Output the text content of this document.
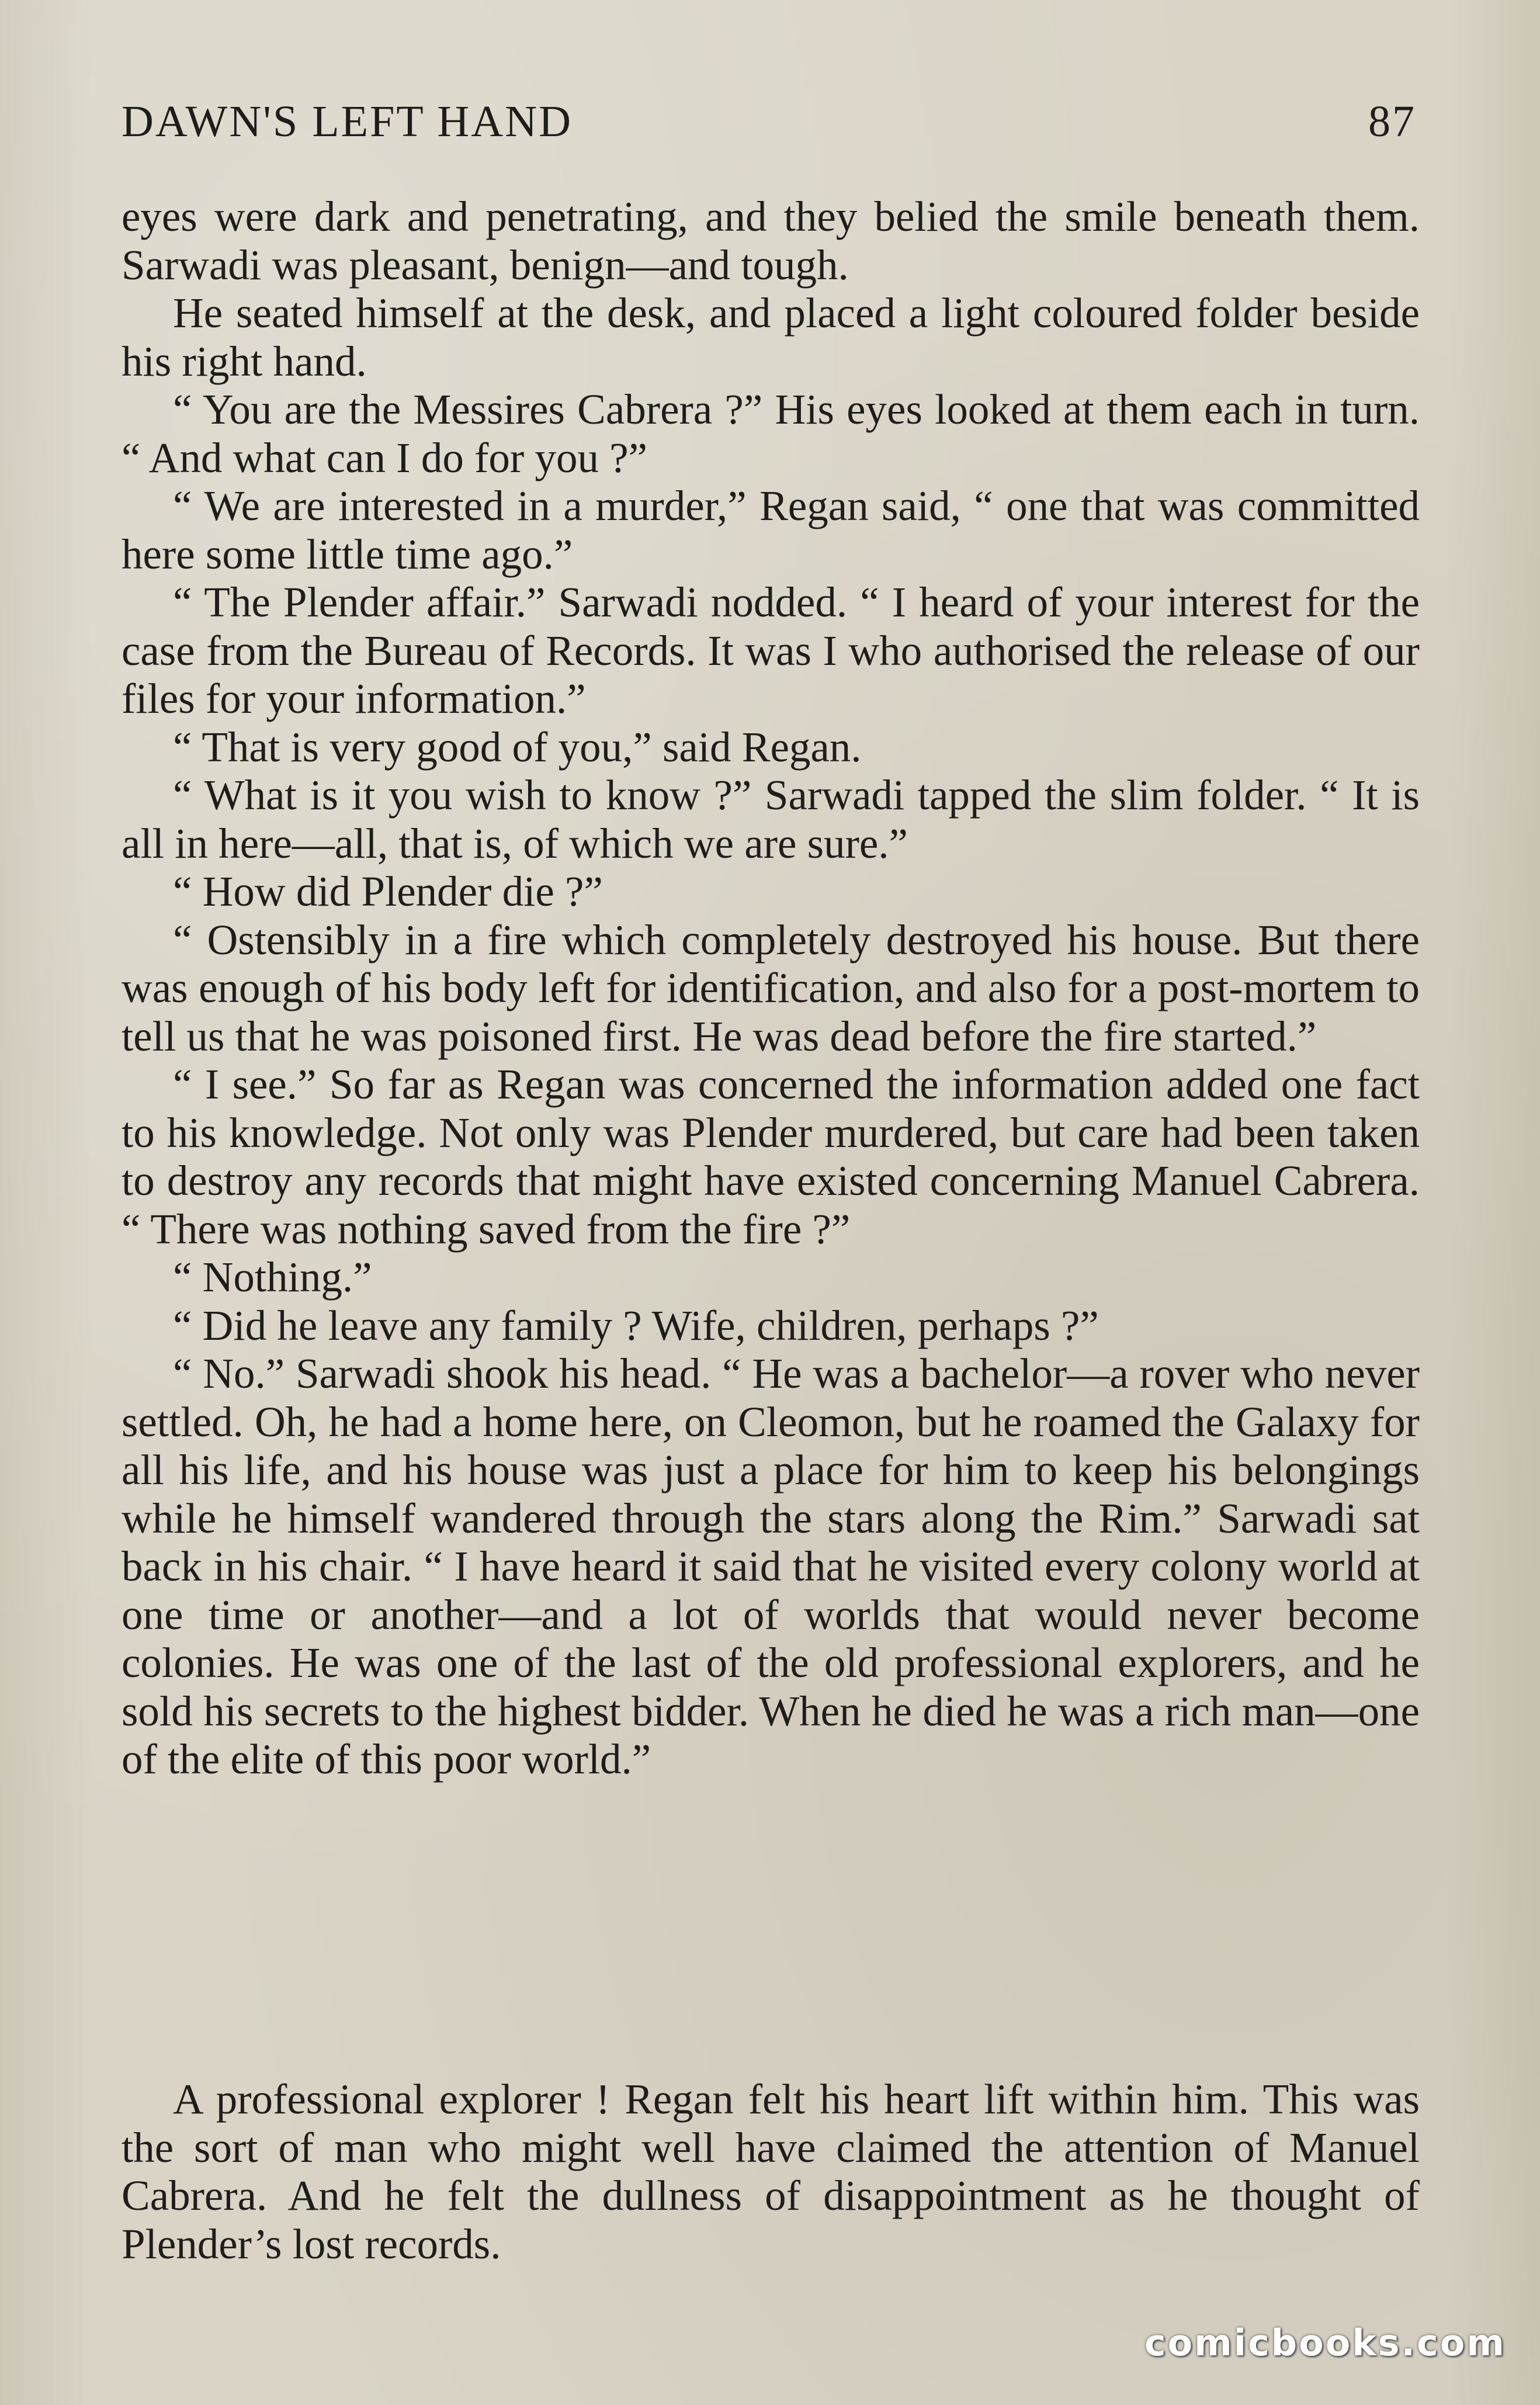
DAWN'S LEFT HAND	87

eyes were dark and penetrating, and they belied the smile beneath them. Sarwadi was pleasant, benign—and tough.

He seated himself at the desk, and placed a light coloured folder beside his right hand.

“ You are the Messires Cabrera ?” His eyes looked at them each in turn. “ And what can I do for you ?”

“ We are interested in a murder,” Regan said, “ one that was committed here some little time ago.”

“ The Plender affair.” Sarwadi nodded. “ I heard of your interest for the case from the Bureau of Records. It was I who authorised the release of our files for your information.”

“ That is very good of you,” said Regan.

“ What is it you wish to know ?” Sarwadi tapped the slim folder. “ It is all in here—all, that is, of which we are sure.”

“ How did Plender die ?”

“ Ostensibly in a fire which completely destroyed his house. But there was enough of his body left for identification, and also for a post-mortem to tell us that he was poisoned first. He was dead before the fire started.”

“ I see.” So far as Regan was concerned the information added one fact to his knowledge. Not only was Plender murdered, but care had been taken to destroy any records that might have existed concerning Manuel Cabrera. “ There was nothing saved from the fire ?”

“ Nothing.”

“ Did he leave any family ? Wife, children, perhaps ?”

“ No.” Sarwadi shook his head. “ He was a bachelor—a rover who never settled. Oh, he had a home here, on Cleomon, but he roamed the Galaxy for all his life, and his house was just a place for him to keep his belongings while he himself wandered through the stars along the Rim.” Sarwadi sat back in his chair. “ I have heard it said that he visited every colony world at one time or another—and a lot of worlds that would never become colonies. He was one of the last of the old professional explorers, and he sold his secrets to the highest bidder. When he died he was a rich man—one of the elite of this poor world.”

A professional explorer ! Regan felt his heart lift within him. This was the sort of man who might well have claimed the attention of Manuel Cabrera. And he felt the dullness of disappointment as he thought of Plender’s lost records.

comicbooks.com
